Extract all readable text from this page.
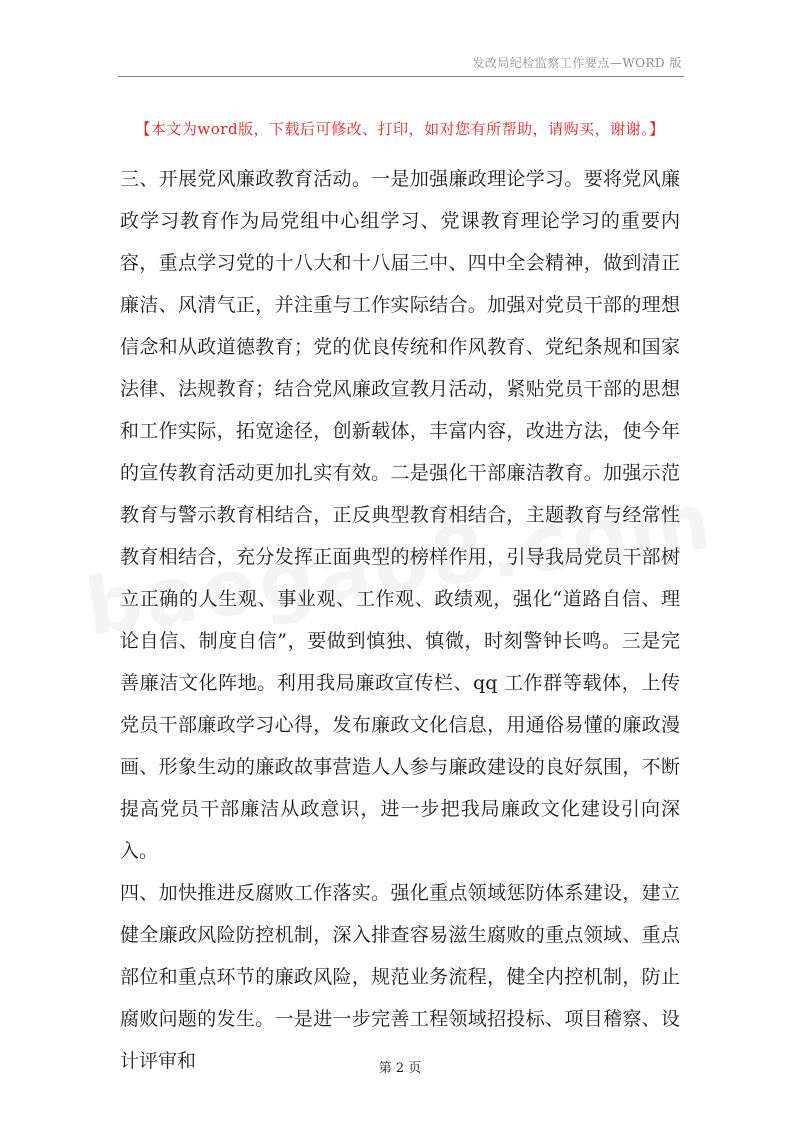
发改局纪检监察工作要点—WORD 版
【本文为word版，下载后可修改、打印，如对您有所帮助，请购买，谢谢。】

三、开展党风廉政教育活动。一是加强廉政理论学习。要将党风廉政学习教育作为局党组中心组学习、党课教育理论学习的重要内容，重点学习党的十八大和十八届三中、四中全会精神，做到清正廉洁、风清气正，并注重与工作实际结合。加强对党员干部的理想信念和从政道德教育；党的优良传统和作风教育、党纪条规和国家法律、法规教育；结合党风廉政宣教月活动，紧贴党员干部的思想和工作实际，拓宽途径，创新载体，丰富内容，改进方法，使今年的宣传教育活动更加扎实有效。二是强化干部廉洁教育。加强示范教育与警示教育相结合，正反典型教育相结合，主题教育与经常性教育相结合，充分发挥正面典型的榜样作用，引导我局党员干部树立正确的人生观、事业观、工作观、政绩观，强化“道路自信、理论自信、制度自信”，要做到慎独、慎微，时刻警钟长鸣。三是完善廉洁文化阵地。利用我局廉政宣传栏、qq 工作群等载体，上传党员干部廉政学习心得，发布廉政文化信息，用通俗易懂的廉政漫画、形象生动的廉政故事营造人人参与廉政建设的良好氛围，不断提高党员干部廉洁从政意识，进一步把我局廉政文化建设引向深入。

四、加快推进反腐败工作落实。强化重点领域惩防体系建设，建立健全廉政风险防控机制，深入排查容易滋生腐败的重点领域、重点部位和重点环节的廉政风险，规范业务流程，健全内控机制，防止腐败问题的发生。一是进一步完善工程领域招投标、项目稽察、设计评审和	第 2 页
